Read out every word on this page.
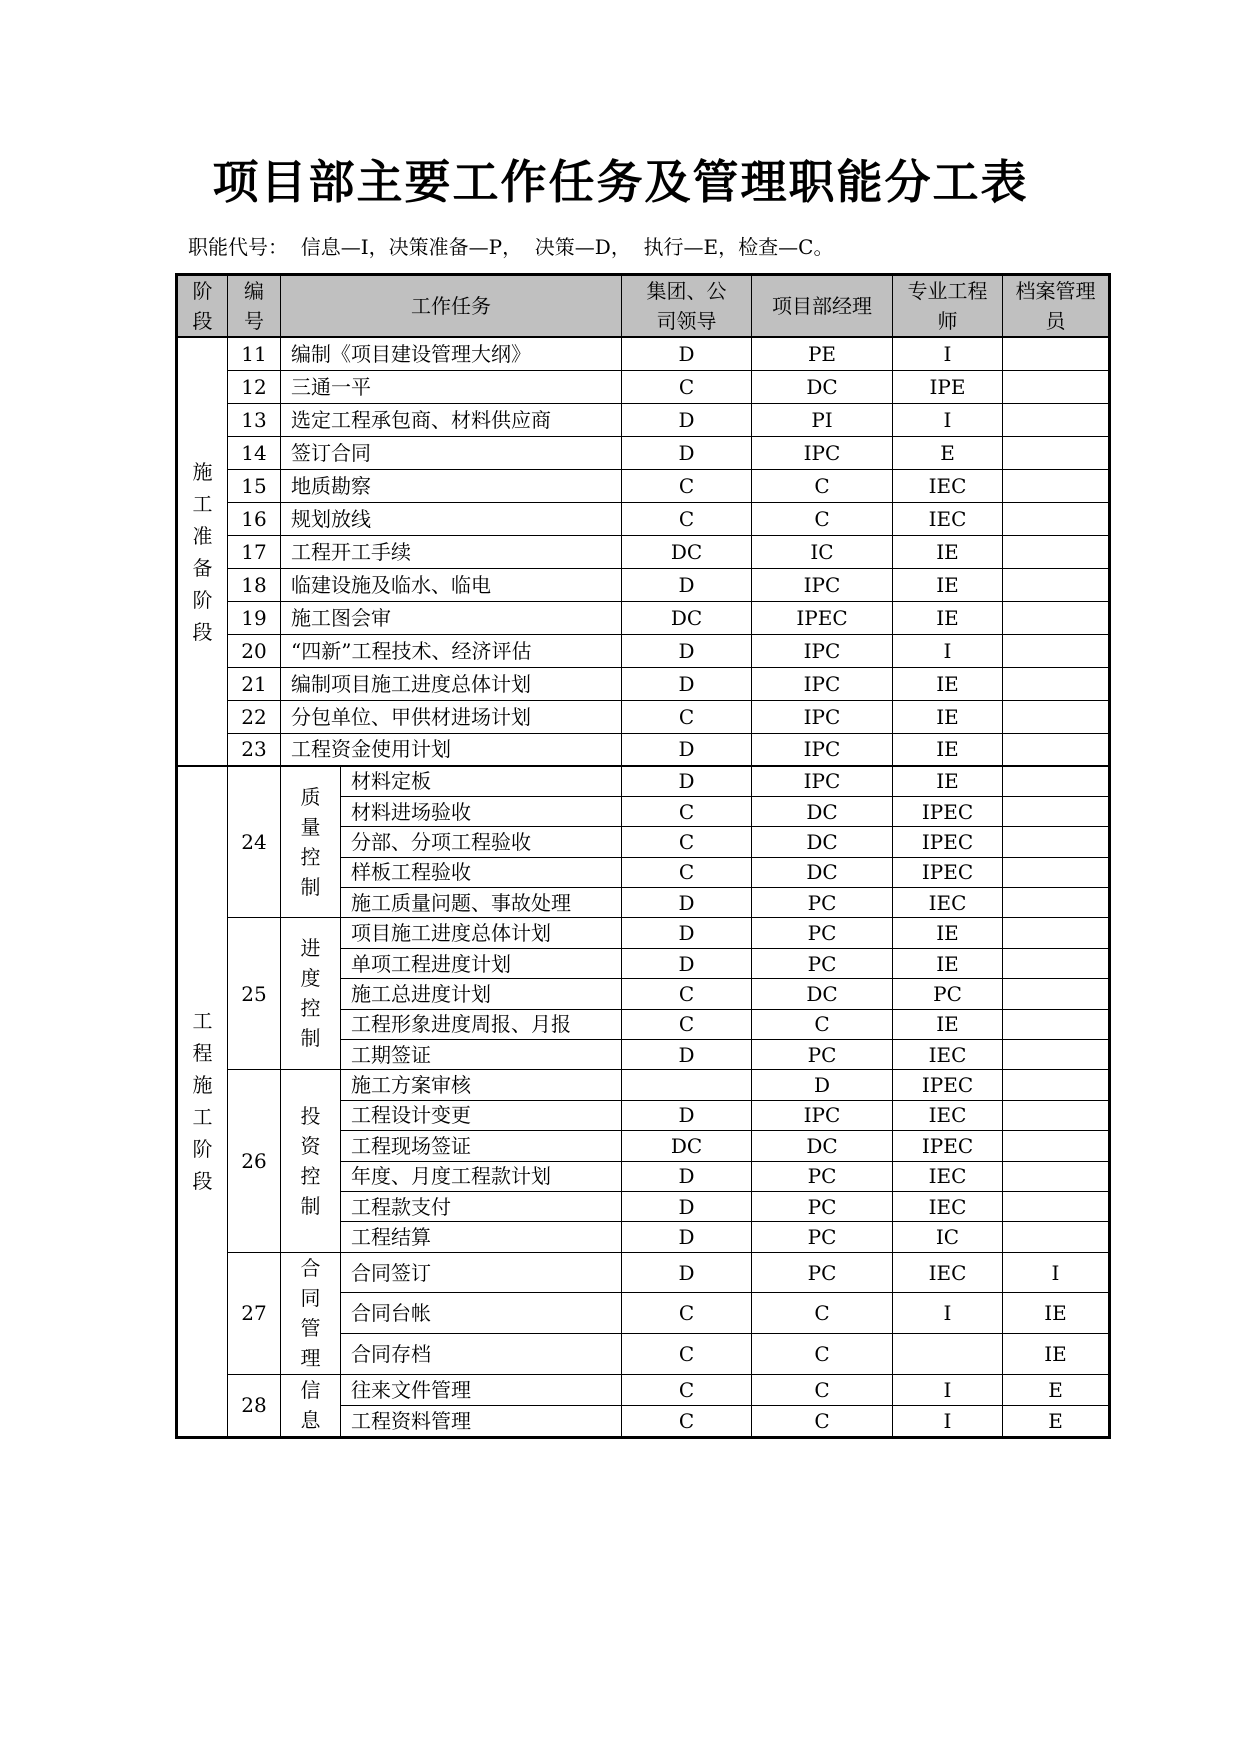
项目部主要工作任务及管理职能分工表
职能代号：  信息—I，决策准备—P，  决策—D，  执行—E，检查—C。
阶段	编号	工作任务		集团、公司领导	项目部经理	专业工程师	档案管理员
施工准备阶段	11	编制《项目建设管理大纲》		D	PE	I	
	12	三通一平		C	DC	IPE	
	13	选定工程承包商、材料供应商		D	PI	I	
	14	签订合同		D	IPC	E	
	15	地质勘察		C	C	IEC	
	16	规划放线		C	C	IEC	
	17	工程开工手续		DC	IC	IE	
	18	临建设施及临水、临电		D	IPC	IE	
	19	施工图会审		DC	IPEC	IE	
	20	“四新”工程技术、经济评估		D	IPC	I	
	21	编制项目施工进度总体计划		D	IPC	IE	
	22	分包单位、甲供材进场计划		C	IPC	IE	
	23	工程资金使用计划		D	IPC	IE	
工程施工阶段	24	质量控制	材料定板	D	IPC	IE	
			材料进场验收	C	DC	IPEC	
			分部、分项工程验收	C	DC	IPEC	
			样板工程验收	C	DC	IPEC	
			施工质量问题、事故处理	D	PC	IEC	
	25	进度控制	项目施工进度总体计划	D	PC	IE	
			单项工程进度计划	D	PC	IE	
			施工总进度计划	C	DC	PC	
			工程形象进度周报、月报	C	C	IE	
			工期签证	D	PC	IEC	
	26	投资控制	施工方案审核		D	IPEC	
			工程设计变更	D	IPC	IEC	
			工程现场签证	DC	DC	IPEC	
			年度、月度工程款计划	D	PC	IEC	
			工程款支付	D	PC	IEC	
			工程结算	D	PC	IC	
	27	合同管理	合同签订	D	PC	IEC	I
			合同台帐	C	C	I	IE
			合同存档	C	C		IE
	28	信息	往来文件管理	C	C	I	E
			工程资料管理	C	C	I	E
